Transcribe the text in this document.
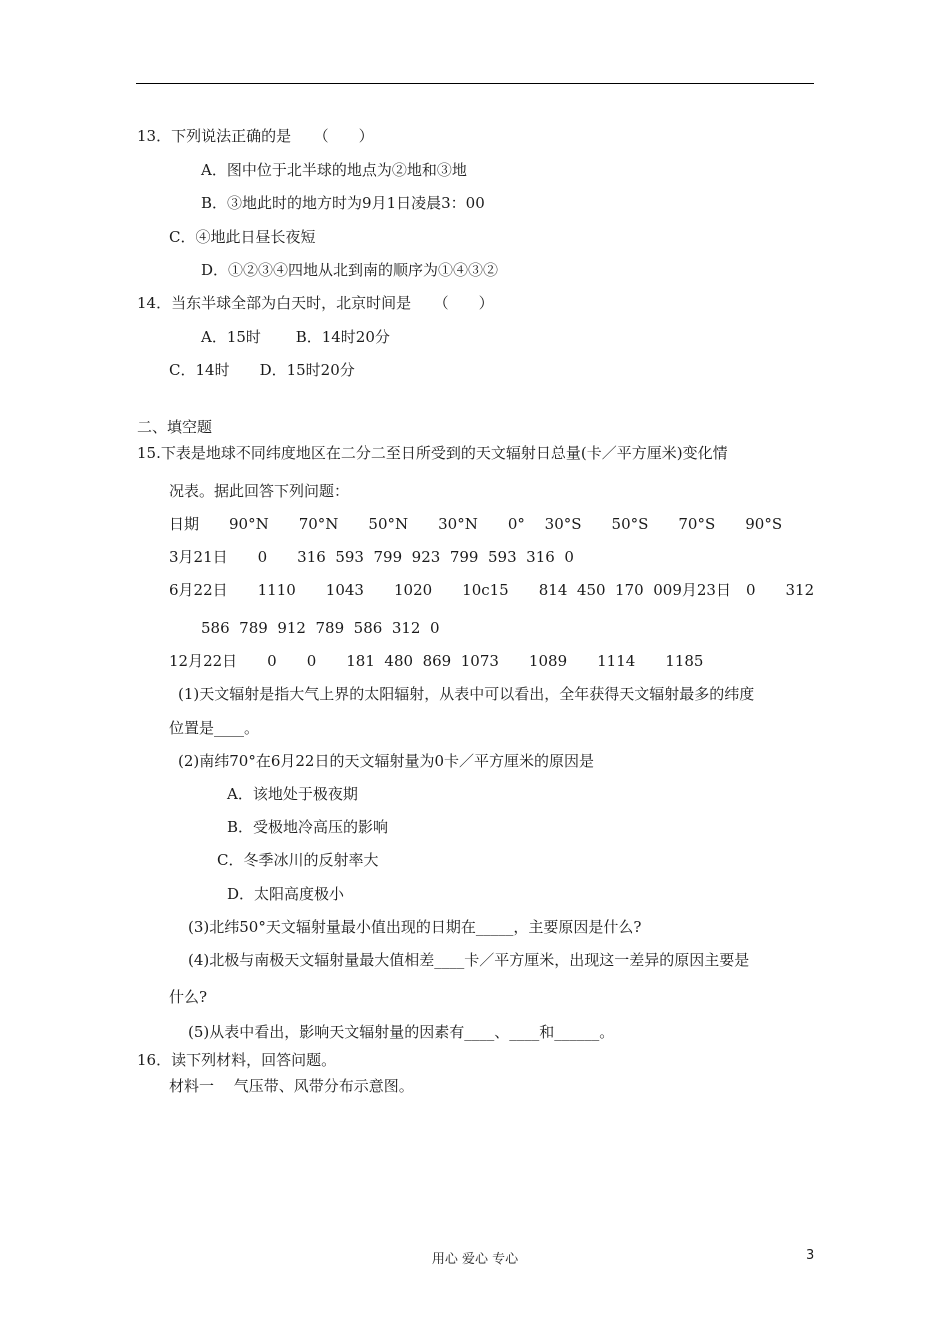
13．下列说法正确的是　　（　　）
A．图中位于北半球的地点为②地和③地
B．③地此时的地方时为9月1日凌晨3：00
C．④地此日昼长夜短
D．①②③④四地从北到南的顺序为①④③②
14．当东半球全部为白天时，北京时间是　　（　　）
A．15时　　 B．14时20分
C．14时　　D．15时20分
二、填空题
15.下表是地球不同纬度地区在二分二至日所受到的天文辐射日总量(卡／平方厘米)变化情
况表。据此回答下列问题：
日期　　90°N　　70°N　　50°N　　30°N　　0°　 30°S　　50°S　　70°S　　90°S
3月21日　　0　　316  593  799  923  799  593  316  0
6月22日　　1110　　1043　　1020　　10c15　　814  450  170  009月23日　0　　312
586  789  912  789  586  312  0
12月22日　　0　　0　　181  480  869  1073　　1089　　1114　　1185
(1)天文辐射是指大气上界的太阳辐射，从表中可以看出，全年获得天文辐射最多的纬度
位置是____。
(2)南纬70°在6月22日的天文辐射量为0卡／平方厘米的原因是
A．该地处于极夜期
B．受极地冷高压的影响
C．冬季冰川的反射率大
D．太阳高度极小
(3)北纬50°天文辐射量最小值出现的日期在_____，主要原因是什么?
(4)北极与南极天文辐射量最大值相差____卡／平方厘米，出现这一差异的原因主要是
什么?
(5)从表中看出，影响天文辐射量的因素有____、____和______。
16．读下列材料，回答问题。
材料一　 气压带、风带分布示意图。
用心 爱心 专心	3
